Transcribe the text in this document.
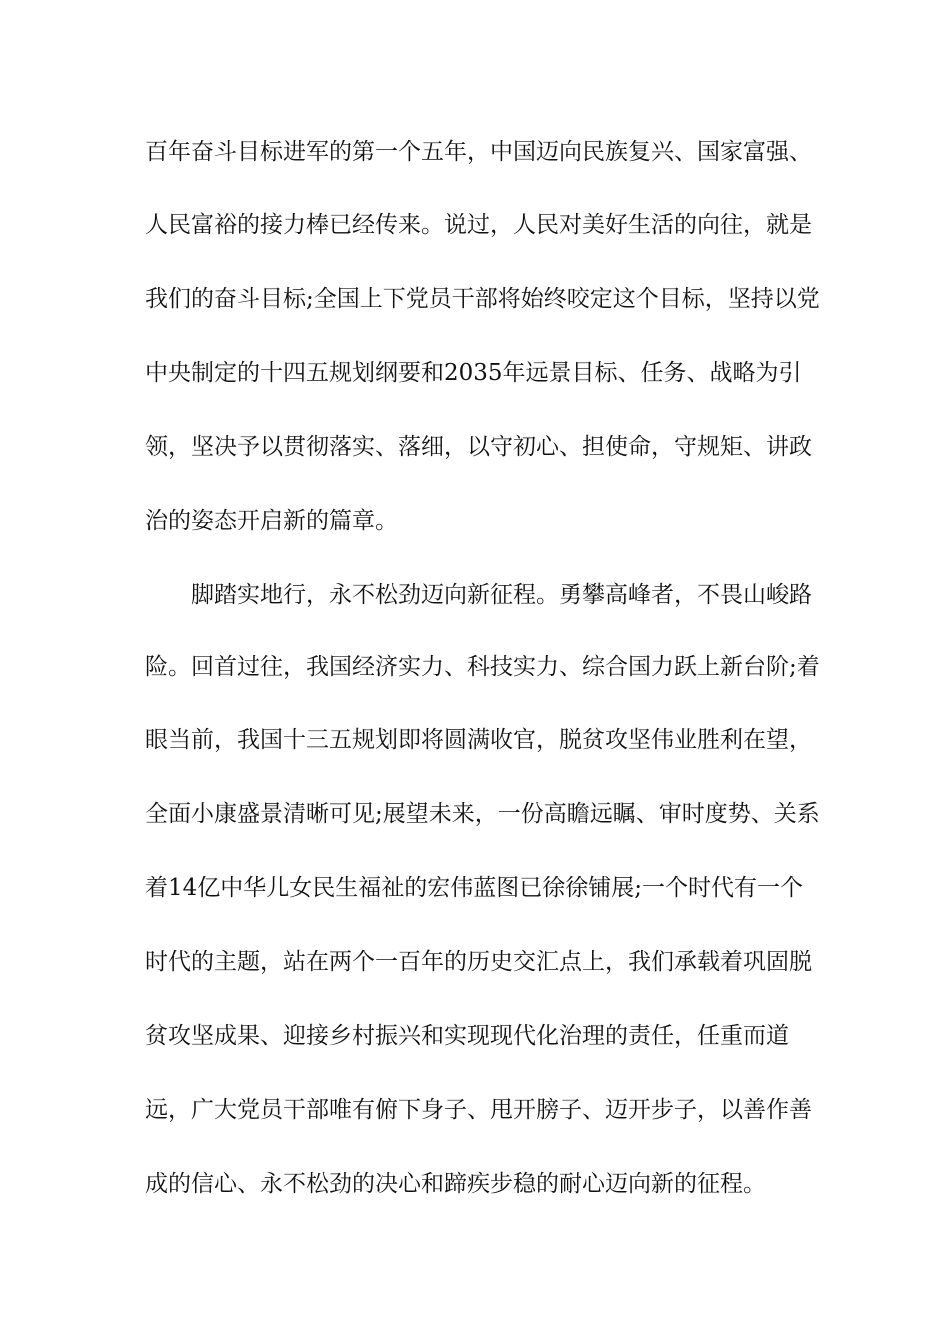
百年奋斗目标进军的第一个五年，中国迈向民族复兴、国家富强、
人民富裕的接力棒已经传来。说过，人民对美好生活的向往，就是
我们的奋斗目标;全国上下党员干部将始终咬定这个目标，坚持以党
中央制定的十四五规划纲要和2035年远景目标、任务、战略为引
领，坚决予以贯彻落实、落细，以守初心、担使命，守规矩、讲政
治的姿态开启新的篇章。
脚踏实地行，永不松劲迈向新征程。勇攀高峰者，不畏山峻路
险。回首过往，我国经济实力、科技实力、综合国力跃上新台阶;着
眼当前，我国十三五规划即将圆满收官，脱贫攻坚伟业胜利在望，
全面小康盛景清晰可见;展望未来，一份高瞻远瞩、审时度势、关系
着14亿中华儿女民生福祉的宏伟蓝图已徐徐铺展;一个时代有一个
时代的主题，站在两个一百年的历史交汇点上，我们承载着巩固脱
贫攻坚成果、迎接乡村振兴和实现现代化治理的责任，任重而道
远，广大党员干部唯有俯下身子、甩开膀子、迈开步子，以善作善
成的信心、永不松劲的决心和蹄疾步稳的耐心迈向新的征程。
